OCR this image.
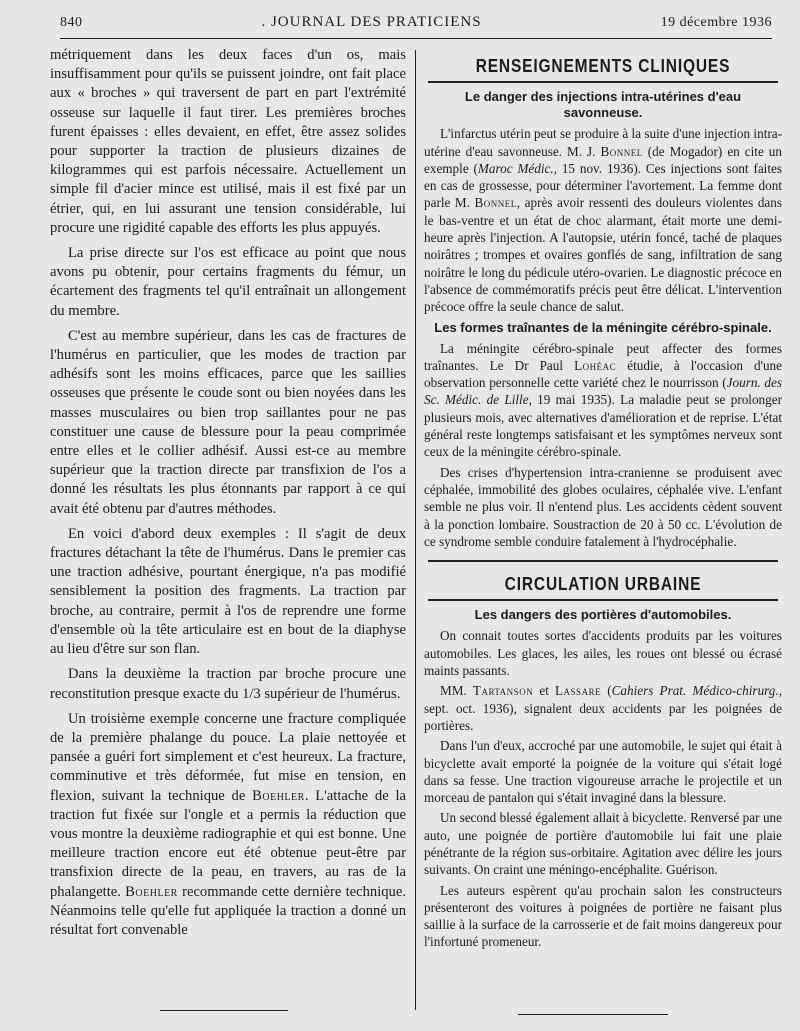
840	. JOURNAL DES PRATICIENS	19 décembre 1936

métriquement dans les deux faces d'un os, mais insuffisamment pour qu'ils se puissent joindre, ont fait place aux « broches » qui traversent de part en part l'extrémité osseuse sur laquelle il faut tirer. Les premières broches furent épaisses : elles devaient, en effet, être assez solides pour supporter la traction de plusieurs dizaines de kilogrammes qui est parfois nécessaire. Actuellement un simple fil d'acier mince est utilisé, mais il est fixé par un étrier, qui, en lui assurant une tension considérable, lui procure une rigidité capable des efforts les plus appuyés.

La prise directe sur l'os est efficace au point que nous avons pu obtenir, pour certains fragments du fémur, un écartement des fragments tel qu'il entraînait un allongement du membre.

C'est au membre supérieur, dans les cas de fractures de l'humérus en particulier, que les modes de traction par adhésifs sont les moins efficaces, parce que les saillies osseuses que présente le coude sont ou bien noyées dans les masses musculaires ou bien trop saillantes pour ne pas constituer une cause de blessure pour la peau comprimée entre elles et le collier adhésif. Aussi est-ce au membre supérieur que la traction directe par transfixion de l'os a donné les résultats les plus étonnants par rapport à ce qui avait été obtenu par d'autres méthodes.

En voici d'abord deux exemples : Il s'agit de deux fractures détachant la tête de l'humérus. Dans le premier cas une traction adhésive, pourtant énergique, n'a pas modifié sensiblement la position des fragments. La traction par broche, au contraire, permit à l'os de reprendre une forme d'ensemble où la tête articulaire est en bout de la diaphyse au lieu d'être sur son flan.

Dans la deuxième la traction par broche procure une reconstitution presque exacte du 1/3 supérieur de l'humérus.

Un troisième exemple concerne une fracture compliquée de la première phalange du pouce. La plaie nettoyée et pansée a guéri fort simplement et c'est heureux. La fracture, comminutive et très déformée, fut mise en tension, en flexion, suivant la technique de Boehler. L'attache de la traction fut fixée sur l'ongle et a permis la réduction que vous montre la deuxième radiographie et qui est bonne. Une meilleure traction encore eut été obtenue peut-être par transfixion directe de la peau, en travers, au ras de la phalangette. Boehler recommande cette dernière technique. Néanmoins telle qu'elle fut appliquée la traction a donné un résultat fort convenable

RENSEIGNEMENTS CLINIQUES
Le danger des injections intra-utérines d'eau savonneuse.

L'infarctus utérin peut se produire à la suite d'une injection intra-utérine d'eau savonneuse. M. J. Bonnel (de Mogador) en cite un exemple (Maroc Médic., 15 nov. 1936). Ces injections sont faites en cas de grossesse, pour déterminer l'avortement. La femme dont parle M. Bonnel, après avoir ressenti des douleurs violentes dans le bas-ventre et un état de choc alarmant, était morte une demi-heure après l'injection. A l'autopsie, utérin foncé, taché de plaques noirâtres ; trompes et ovaires gonflés de sang, infiltration de sang noirâtre le long du pédicule utéro-ovarien. Le diagnostic précoce en l'absence de commémoratifs précis peut être délicat. L'intervention précoce offre la seule chance de salut.

Les formes traînantes de la méningite cérébro-spinale.

La méningite cérébro-spinale peut affecter des formes traînantes. Le Dr Paul Lohéac étudie, à l'occasion d'une observation personnelle cette variété chez le nourrisson (Journ. des Sc. Médic. de Lille, 19 mai 1935). La maladie peut se prolonger plusieurs mois, avec alternatives d'amélioration et de reprise. L'état général reste longtemps satisfaisant et les symptômes nerveux sont ceux de la méningite cérébro-spinale.

Des crises d'hypertension intra-cranienne se produisent avec céphalée, immobilité des globes oculaires, céphalée vive. L'enfant semble ne plus voir. Il n'entend plus. Les accidents cèdent souvent à la ponction lombaire. Soustraction de 20 à 50 cc. L'évolution de ce syndrome semble conduire fatalement à l'hydrocéphalie.

CIRCULATION URBAINE
Les dangers des portières d'automobiles.

On connait toutes sortes d'accidents produits par les voitures automobiles. Les glaces, les ailes, les roues ont blessé ou écrasé maints passants.

MM. Tartanson et Lassare (Cahiers Prat. Médico-chirurg., sept. oct. 1936), signalent deux accidents par les poignées de portières.

Dans l'un d'eux, accroché par une automobile, le sujet qui était à bicyclette avait emporté la poignée de la voiture qui s'était logé dans sa fesse. Une traction vigoureuse arrache le projectile et un morceau de pantalon qui s'était invaginé dans la blessure.

Un second blessé également allait à bicyclette. Renversé par une auto, une poignée de portière d'automobile lui fait une plaie pénétrante de la région sus-orbitaire. Agitation avec délire les jours suivants. On craint une méningo-encéphalite. Guérison.

Les auteurs espèrent qu'au prochain salon les constructeurs présenteront des voitures à poignées de portière ne faisant plus saillie à la surface de la carrosserie et de fait moins dangereux pour l'infortuné promeneur.
